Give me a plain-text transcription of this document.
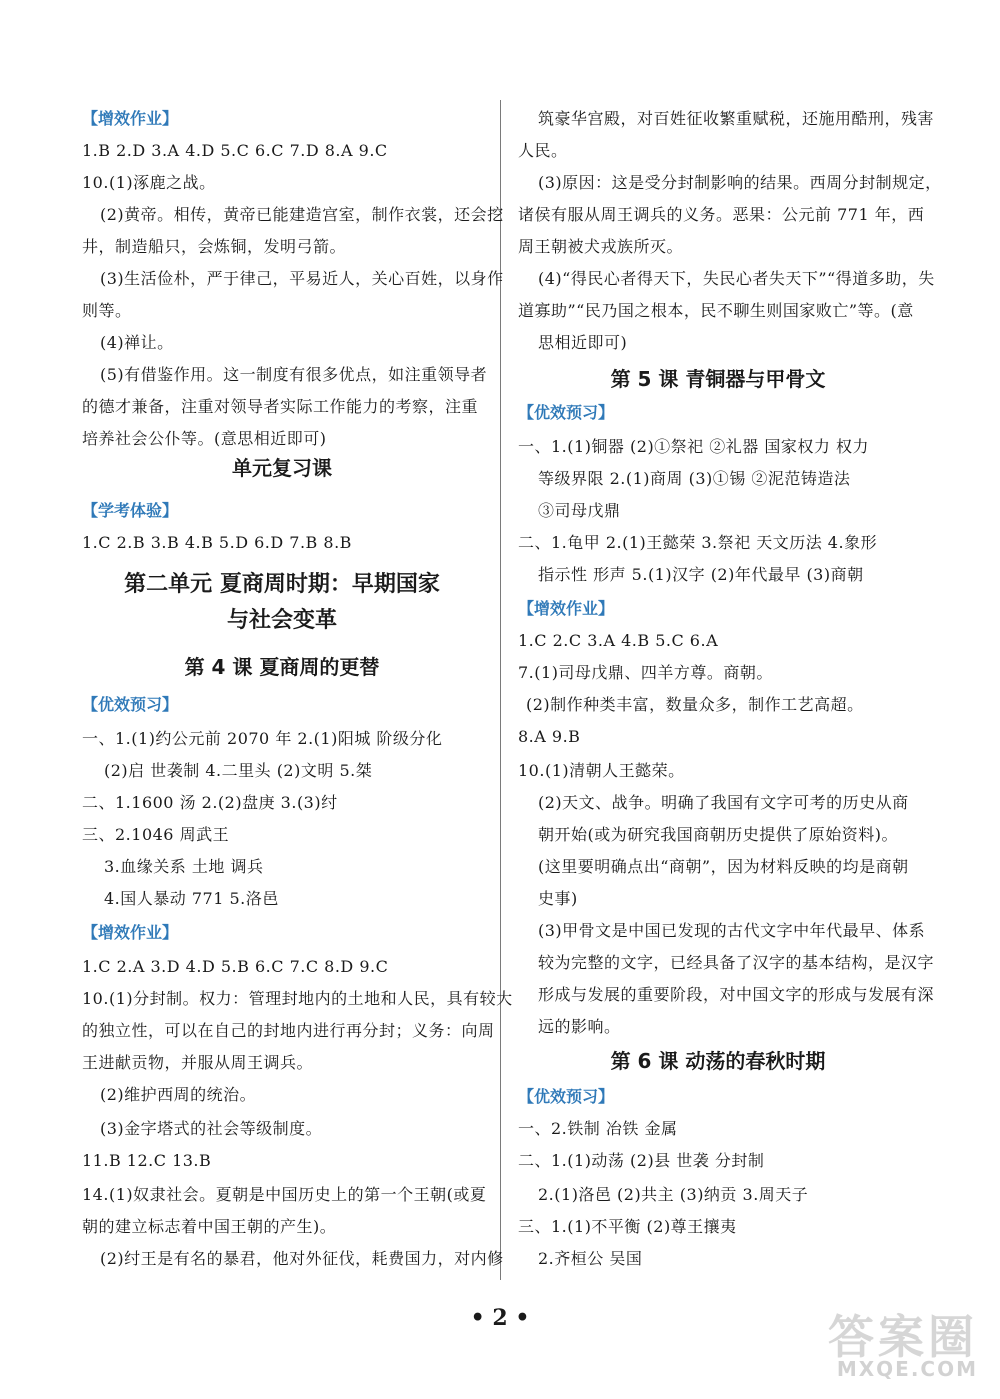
【增效作业】
1.B 2.D 3.A 4.D 5.C 6.C 7.D 8.A 9.C
10.(1)涿鹿之战。
(2)黄帝。相传，黄帝已能建造宫室，制作衣裳，还会挖
井，制造船只，会炼铜，发明弓箭。
(3)生活俭朴，严于律己，平易近人，关心百姓，以身作
则等。
(4)禅让。
(5)有借鉴作用。这一制度有很多优点，如注重领导者
的德才兼备，注重对领导者实际工作能力的考察，注重
培养社会公仆等。(意思相近即可)
单元复习课
【学考体验】
1.C 2.B 3.B 4.B 5.D 6.D 7.B 8.B
第二单元 夏商周时期：早期国家
与社会变革
第 4 课 夏商周的更替
【优效预习】
一、1.(1)约公元前 2070 年 2.(1)阳城 阶级分化
(2)启 世袭制 4.二里头 (2)文明 5.桀
二、1.1600 汤 2.(2)盘庚 3.(3)纣
三、2.1046 周武王
3.血缘关系 土地 调兵
4.国人暴动 771 5.洛邑
【增效作业】
1.C 2.A 3.D 4.D 5.B 6.C 7.C 8.D 9.C
10.(1)分封制。权力：管理封地内的土地和人民，具有较大
的独立性，可以在自己的封地内进行再分封；义务：向周
王进献贡物，并服从周王调兵。
(2)维护西周的统治。
(3)金字塔式的社会等级制度。
11.B 12.C 13.B
14.(1)奴隶社会。夏朝是中国历史上的第一个王朝(或夏
朝的建立标志着中国王朝的产生)。
(2)纣王是有名的暴君，他对外征伐，耗费国力，对内修
筑豪华宫殿，对百姓征收繁重赋税，还施用酷刑，残害
人民。
(3)原因：这是受分封制影响的结果。西周分封制规定，
诸侯有服从周王调兵的义务。恶果：公元前 771 年，西
周王朝被犬戎族所灭。
(4)“得民心者得天下，失民心者失天下”“得道多助，失
道寡助”“民乃国之根本，民不聊生则国家败亡”等。(意
思相近即可)
第 5 课 青铜器与甲骨文
【优效预习】
一、1.(1)铜器 (2)①祭祀 ②礼器 国家权力 权力
等级界限 2.(1)商周 (3)①锡 ②泥范铸造法
③司母戊鼎
二、1.龟甲 2.(1)王懿荣 3.祭祀 天文历法 4.象形
指示性 形声 5.(1)汉字 (2)年代最早 (3)商朝
【增效作业】
1.C 2.C 3.A 4.B 5.C 6.A
7.(1)司母戊鼎、四羊方尊。商朝。
(2)制作种类丰富，数量众多，制作工艺高超。
8.A 9.B
10.(1)清朝人王懿荣。
(2)天文、战争。明确了我国有文字可考的历史从商
朝开始(或为研究我国商朝历史提供了原始资料)。
(这里要明确点出“商朝”，因为材料反映的均是商朝
史事)
(3)甲骨文是中国已发现的古代文字中年代最早、体系
较为完整的文字，已经具备了汉字的基本结构，是汉字
形成与发展的重要阶段，对中国文字的形成与发展有深
远的影响。
第 6 课 动荡的春秋时期
【优效预习】
一、2.铁制 冶铁 金属
二、1.(1)动荡 (2)县 世袭 分封制
2.(1)洛邑 (2)共主 (3)纳贡 3.周天子
三、1.(1)不平衡 (2)尊王攘夷
2.齐桓公 吴国
• 2 •	答案圈
MXQE.COM
